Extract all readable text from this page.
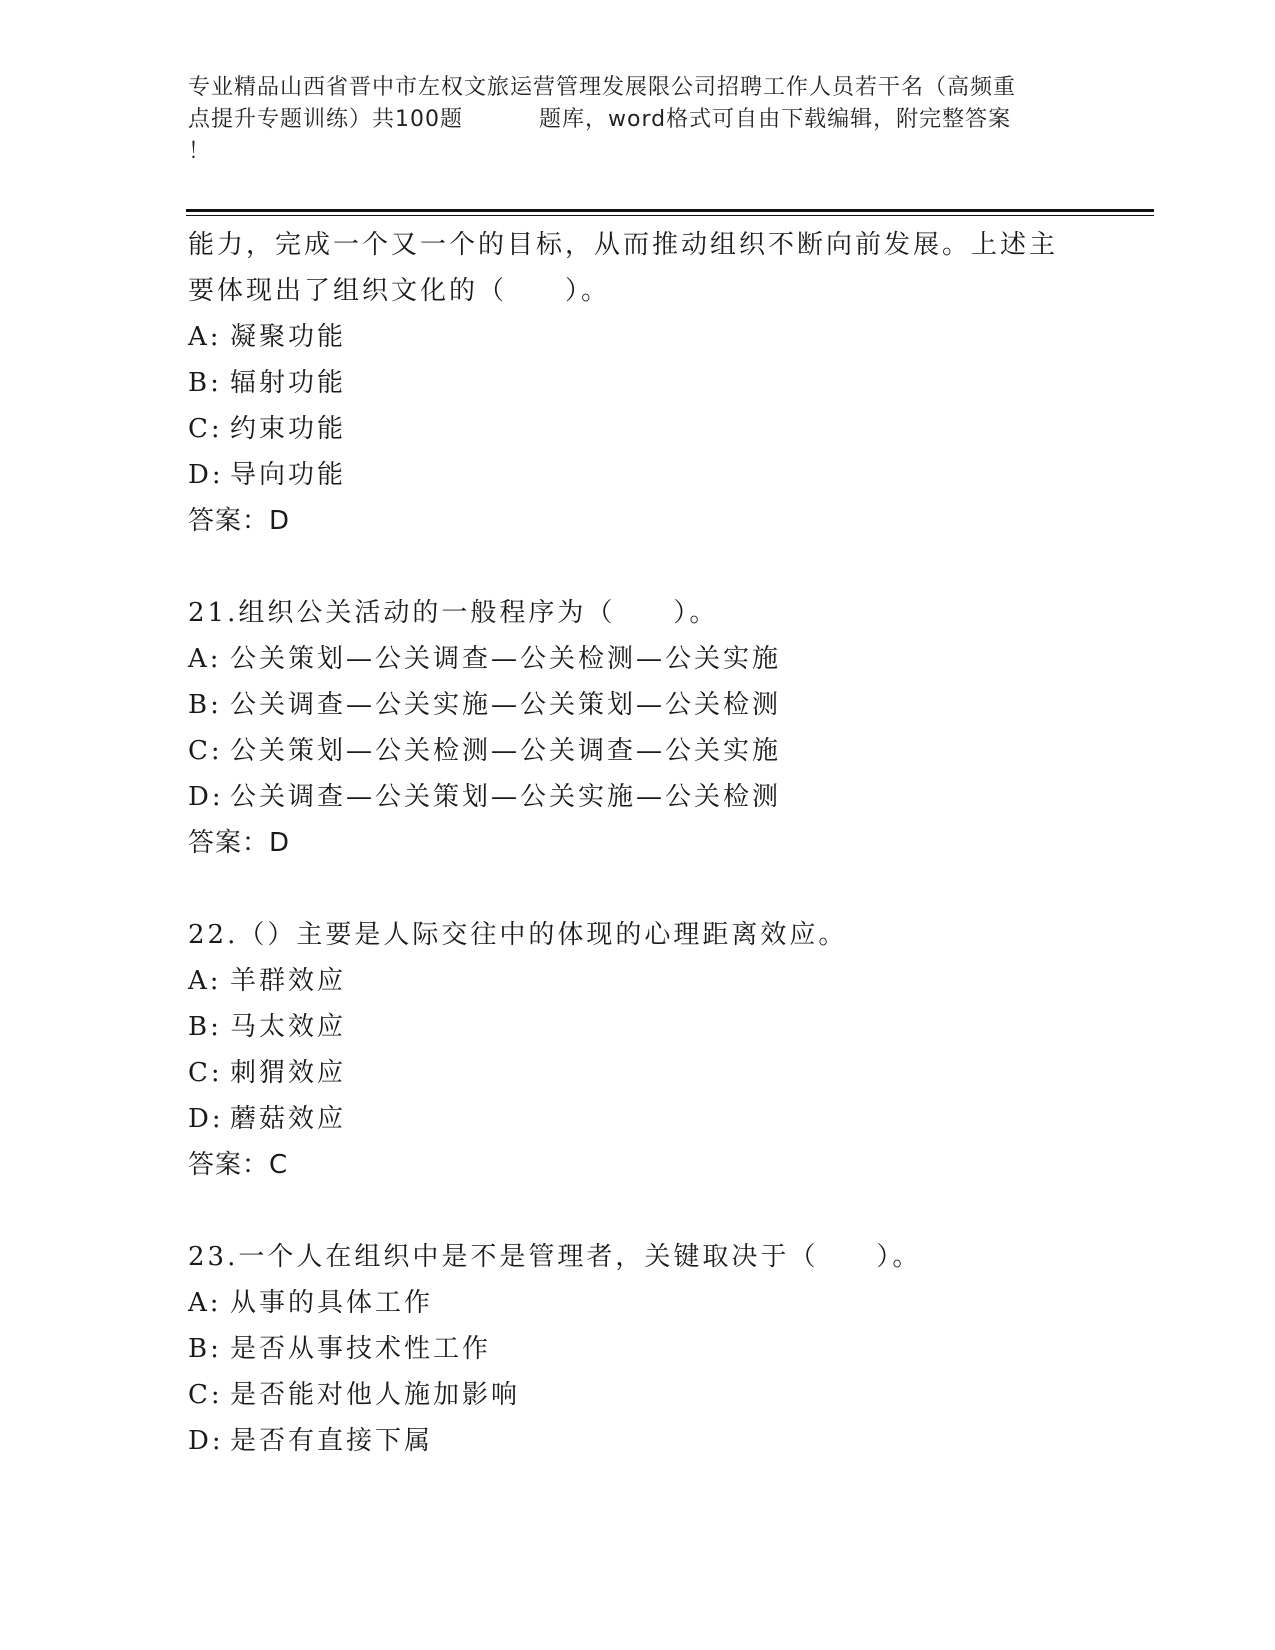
专业精品山西省晋中市左权文旅运营管理发展限公司招聘工作人员若干名（高频重
点提升专题训练）共100题	题库，word格式可自由下载编辑，附完整答案
！
能力，完成一个又一个的目标，从而推动组织不断向前发展。上述主
要体现出了组织文化的（　　）。
A: 凝聚功能
B: 辐射功能
C: 约束功能
D: 导向功能
答案：D
21.组织公关活动的一般程序为（　　）。
A: 公关策划—公关调查—公关检测—公关实施
B: 公关调查—公关实施—公关策划—公关检测
C: 公关策划—公关检测—公关调查—公关实施
D: 公关调查—公关策划—公关实施—公关检测
答案：D
22.（）主要是人际交往中的体现的心理距离效应。
A: 羊群效应
B: 马太效应
C: 刺猬效应
D: 蘑菇效应
答案：C
23.一个人在组织中是不是管理者，关键取决于（　　）。
A: 从事的具体工作
B: 是否从事技术性工作
C: 是否能对他人施加影响
D: 是否有直接下属
